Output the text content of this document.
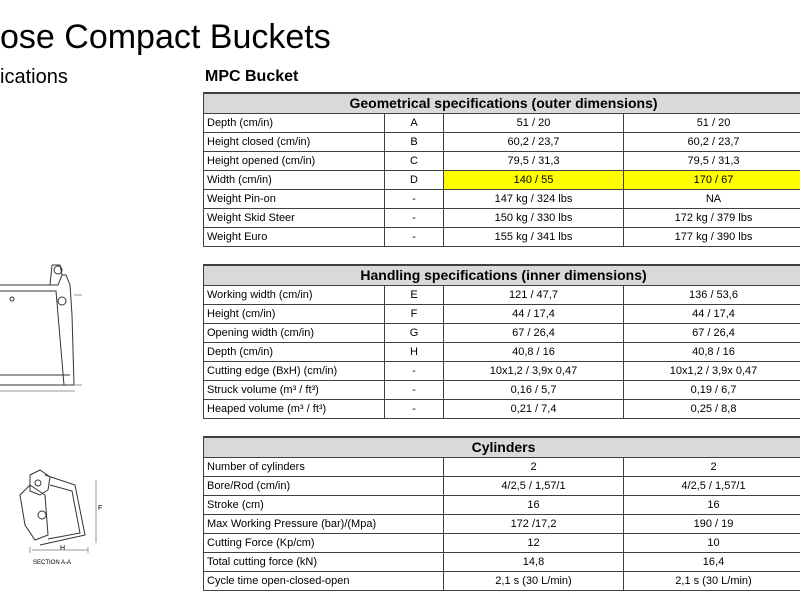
ose Compact Buckets
ications	MPC Bucket
Geometrical specifications (outer dimensions)			
Depth (cm/in)	A	51 / 20	51 / 20
Height closed (cm/in)	B	60,2 / 23,7	60,2 / 23,7
Height opened (cm/in)	C	79,5 / 31,3	79,5 / 31,3
Width (cm/in)	D	140 / 55	170 / 67
Weight Pin-on	-	147 kg / 324 lbs	NA
Weight Skid Steer	-	150 kg / 330 lbs	172 kg / 379 lbs
Weight Euro	-	155 kg / 341 lbs	177 kg / 390 lbs
Handling specifications (inner dimensions)			
Working width (cm/in)	E	121 / 47,7	136 / 53,6
Height (cm/in)	F	44 / 17,4	44 / 17,4
Opening width (cm/in)	G	67 / 26,4	67 / 26,4
Depth (cm/in)	H	40,8 / 16	40,8 / 16
Cutting edge (BxH) (cm/in)	-	10x1,2 / 3,9x 0,47	10x1,2 / 3,9x 0,47
Struck volume (m³ / ft³)	-	0,16 / 5,7	0,19 / 6,7
Heaped volume (m³ / ft³)	-	0,21 / 7,4	0,25 / 8,8
Cylinders		
Number of cylinders	2	2
Bore/Rod (cm/in)	4/2,5 / 1,57/1	4/2,5 / 1,57/1
Stroke (cm)	16	16
Max Working Pressure (bar)/(Mpa)	172 /17,2	190 / 19
Cutting Force (Kp/cm)	12	10
Total cutting force (kN)	14,8	16,4
Cycle time open-closed-open	2,1 s (30 L/min)	2,1 s (30 L/min)
F
H
SECTION A-A
